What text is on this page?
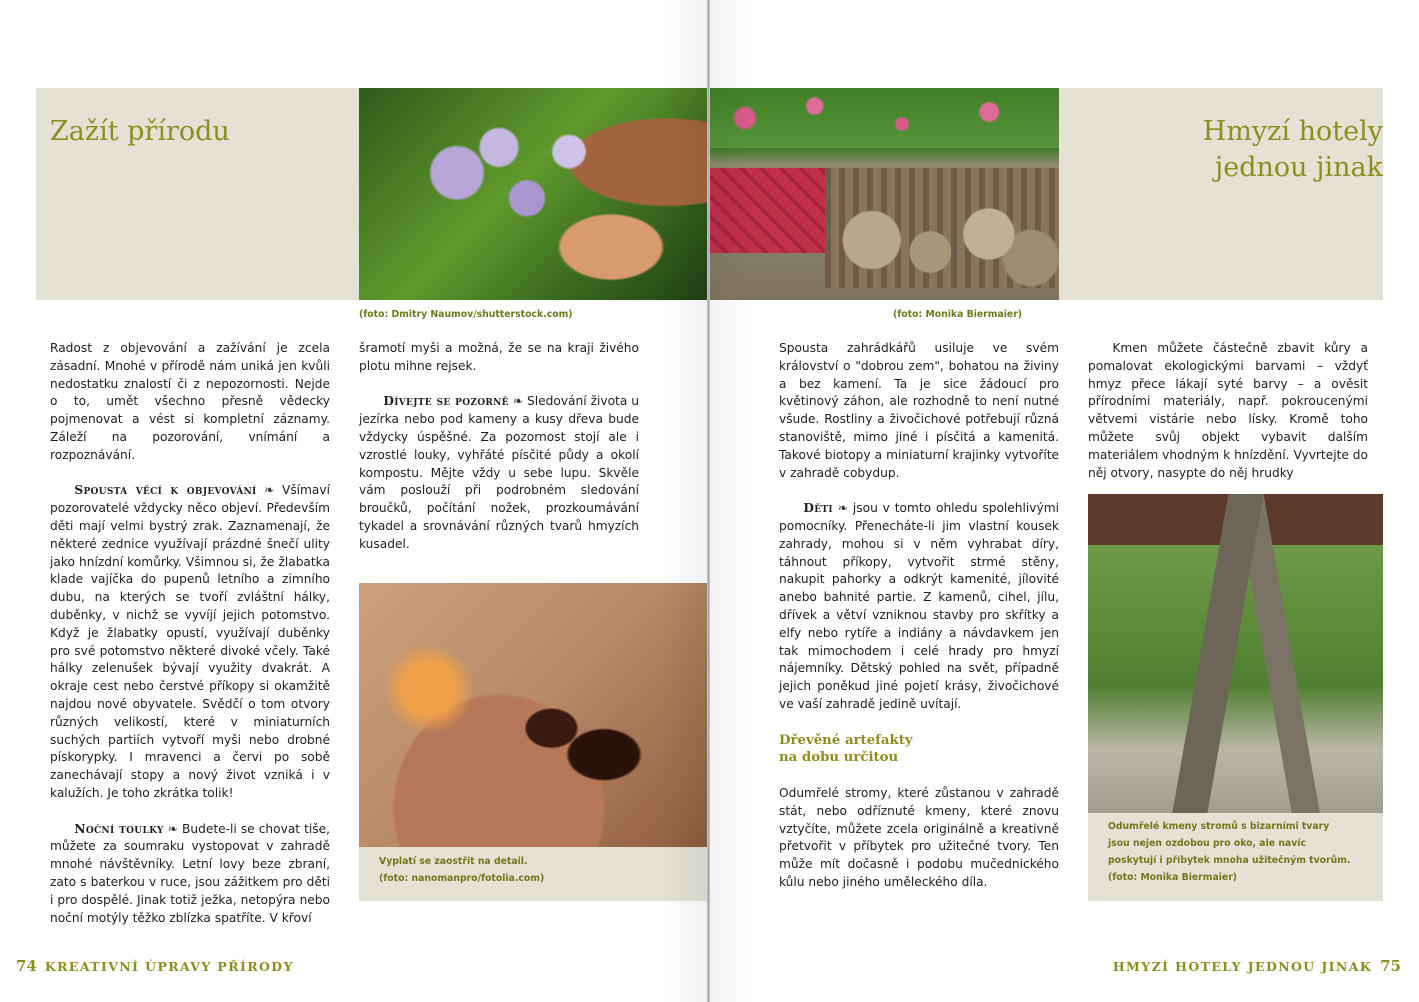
Zažít přírodu
(foto: Dmitry Naumov/shutterstock.com)	(foto: Monika Biermaier)
Hmyzí hotely
jednou jinak

Radost z objevování a zažívání je zcela zásadní. Mnohé v přírodě nám uniká jen kvůli nedostatku znalostí či z nepozornosti. Nejde o to, umět všechno přesně vědecky pojmenovat a vést si kompletní záznamy. Záleží na pozorování, vnímání a rozpoznávání.

  Spousta věcí k objevování ❧ Všímaví pozorovatelé vždycky něco objeví. Především děti mají velmi bystrý zrak. Zaznamenají, že některé zednice využívají prázdné šnečí ulity jako hnízdní komůrky. Všimnou si, že žlabatka klade vajíčka do pupenů letního a zimního dubu, na kterých se tvoří zvláštní hálky, duběnky, v nichž se vyvíjí jejich potomstvo. Když je žlabatky opustí, využívají duběnky pro své potomstvo některé divoké včely. Také hálky zelenušek bývají využity dvakrát. A okraje cest nebo čerstvé příkopy si okamžitě najdou nové obyvatele. Svědčí o tom otvory různých velikostí, které v miniaturních suchých partiích vytvoří myši nebo drobné pískorypky. I mravenci a červi po sobě zanechávají stopy a nový život vzniká i v kalužích. Je toho zkrátka tolik!

  Noční toulky ❧ Budete-li se chovat tiše, můžete za soumraku vystopovat v zahradě mnohé návštěvníky. Letní lovy beze zbraní, zato s baterkou v ruce, jsou zážitkem pro děti i pro dospělé. Jinak totiž ježka, netopýra nebo noční motýly těžko zblízka spatříte. V křoví

šramotí myši a možná, že se na kraji živého plotu mihne rejsek.

  Dívejte se pozorně ❧ Sledování života u jezírka nebo pod kameny a kusy dřeva bude vždycky úspěšné. Za pozornost stojí ale i vzrostlé louky, vyhřáté písčité půdy a okolí kompostu. Mějte vždy u sebe lupu. Skvěle vám poslouží při podrobném sledování broučků, počítání nožek, prozkoumávání tykadel a srovnávání různých tvarů hmyzích kusadel.

Vyplatí se zaostřit na detail.
(foto: nanomanpro/fotolia.com)

Spousta zahrádkářů usiluje ve svém království o "dobrou zem", bohatou na živiny a bez kamení. Ta je sice žádoucí pro květinový záhon, ale rozhodně to není nutné všude. Rostliny a živočichové potřebují různá stanoviště, mimo jiné i písčitá a kamenitá. Takové biotopy a miniaturní krajinky vytvoříte v zahradě cobydup.

  Děti ❧ jsou v tomto ohledu spolehlivými pomocníky. Přenecháte-li jim vlastní kousek zahrady, mohou si v něm vyhrabat díry, táhnout příkopy, vytvořit strmé stěny, nakupit pahorky a odkrýt kamenité, jílovité anebo bahnité partie. Z kamenů, cihel, jílu, dřívek a větví vzniknou stavby pro skřítky a elfy nebo rytíře a indiány a návdavkem jen tak mimochodem i celé hrady pro hmyzí nájemníky. Dětský pohled na svět, případně jejich poněkud jiné pojetí krásy, živočichové ve vaší zahradě jedině uvítají.

Dřevěné artefakty
na dobu určitou

Odumřelé stromy, které zůstanou v zahradě stát, nebo odříznuté kmeny, které znovu vztyčíte, můžete zcela originálně a kreativně přetvořit v příbytek pro užitečné tvory. Ten může mít dočasně i podobu mučednického kůlu nebo jiného uměleckého díla.

Kmen můžete částečně zbavit kůry a pomalovat ekologickými barvami – vždyť hmyz přece lákají syté barvy – a ověsit přírodními materiály, např. pokroucenými větvemi vistárie nebo lísky. Kromě toho můžete svůj objekt vybavit dalším materiálem vhodným k hnízdění. Vyvrtejte do něj otvory, nasypte do něj hrudky

Odumřelé kmeny stromů s bizarními tvary
jsou nejen ozdobou pro oko, ale navíc
poskytují i příbytek mnoha užitečným tvorům.
(foto: Monika Biermaier)
74 KREATIVNÍ ÚPRAVY PŘÍRODY	HMYZÍ HOTELY JEDNOU JINAK 75
